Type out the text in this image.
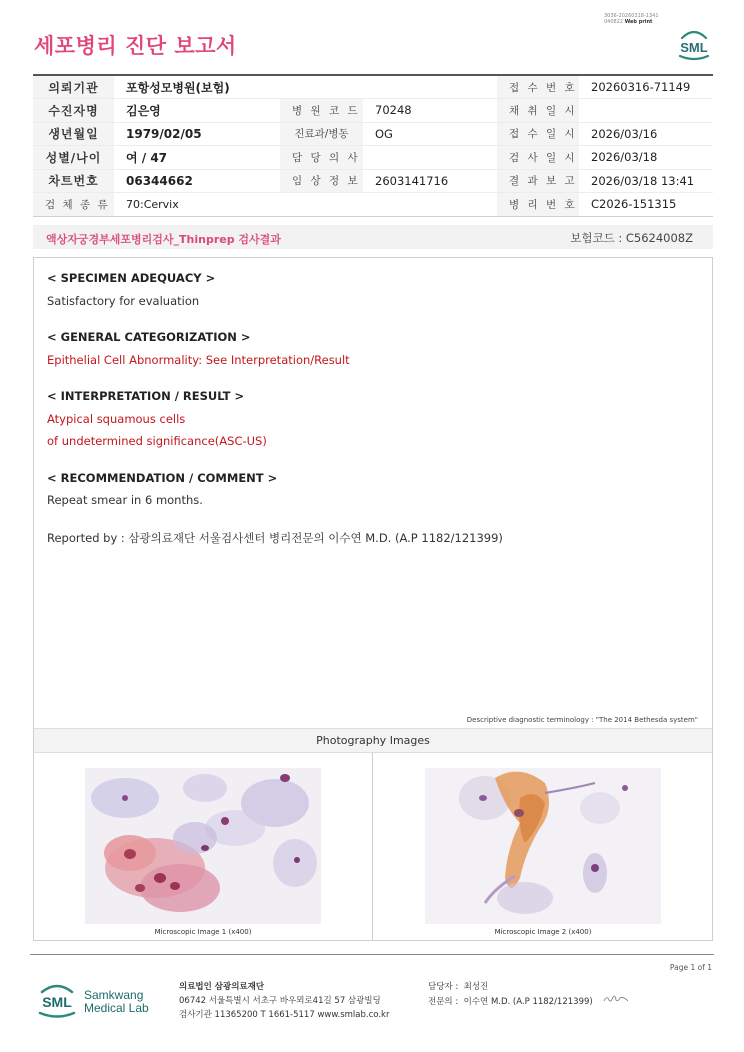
3036-20260318-1341
040822 Web print
세포병리 진단 보고서	SML
의뢰기관	포항성모병원(보험)			접 수 번 호	20260316-71149
수진자명	김은영	병 원 코 드	70248	채 취 일 시	
생년월일	1979/02/05	진료과/병동	OG	접 수 일 시	2026/03/16
성별/나이	여 / 47	담 당 의 사		검 사 일 시	2026/03/18
차트번호	06344662	임 상 정 보	2603141716	결 과 보 고	2026/03/18 13:41
검 체 종 류	70:Cervix			병 리 번 호	C2026-151315
액상자궁경부세포병리검사_Thinprep 검사결과	보험코드 : C5624008Z
< SPECIMEN ADEQUACY >
Satisfactory for evaluation
< GENERAL CATEGORIZATION >
Epithelial Cell Abnormality: See Interpretation/Result
< INTERPRETATION / RESULT >
Atypical squamous cells
of undetermined significance(ASC-US)
< RECOMMENDATION / COMMENT >
Repeat smear in 6 months.
Reported by : 삼광의료재단 서울검사센터 병리전문의 이수연 M.D. (A.P 1182/121399)
Descriptive diagnostic terminology : "The 2014 Bethesda system"
Photography Images
Microscopic Image 1 (x400)	Microscopic Image 2 (x400)
Page 1 of 1
SML Samkwang
Medical Lab
의료법인 삼광의료재단
06742 서울특별시 서초구 바우뫼로41길 57 삼광빌딩
검사기관 11365200 T 1661-5117 www.smlab.co.kr
담당자 : 최성진
전문의 : 이수연 M.D. (A.P 1182/121399)
